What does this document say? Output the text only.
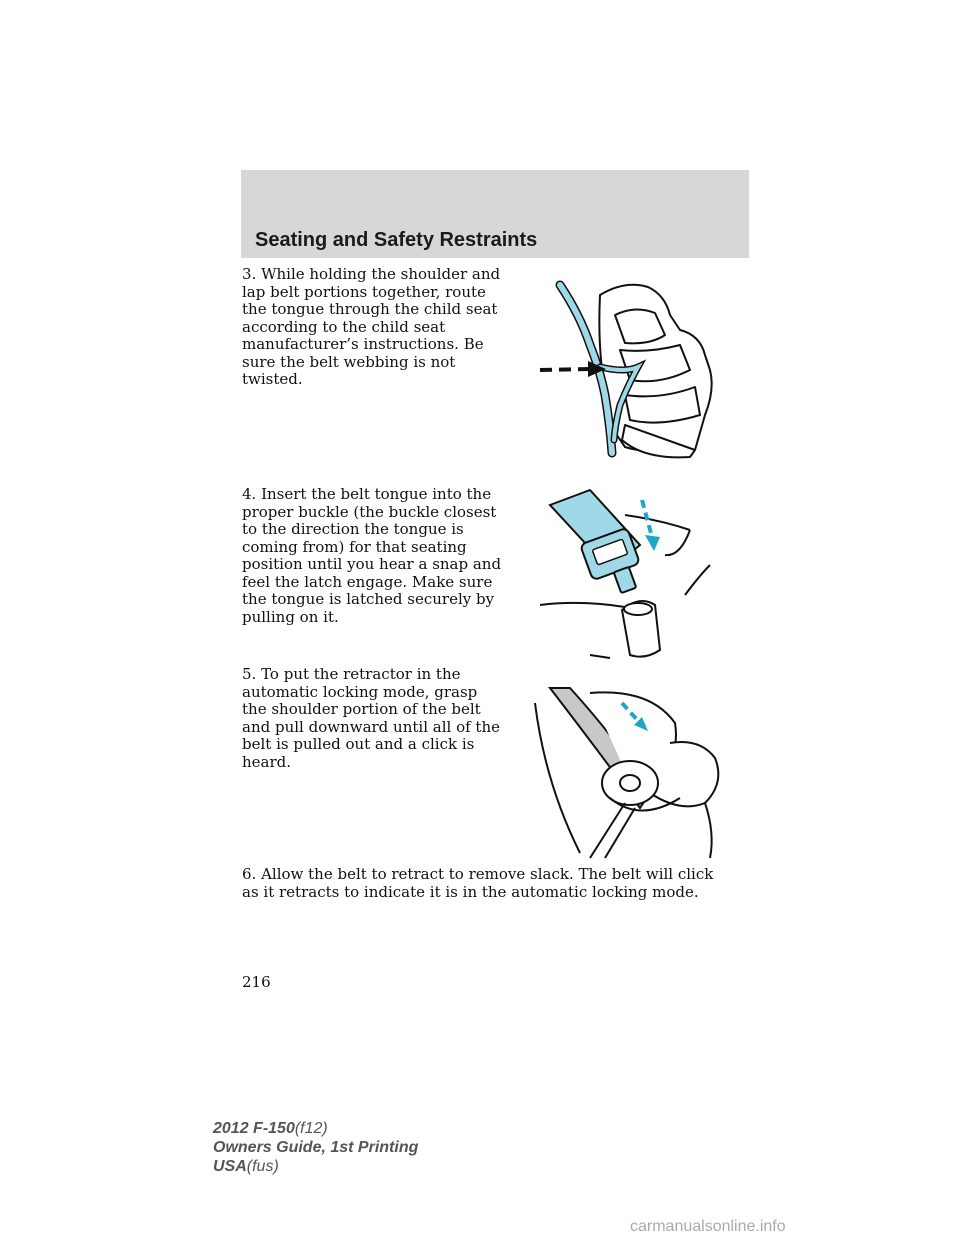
Seating and Safety Restraints
3. While holding the shoulder and lap belt portions together, route the tongue through the child seat according to the child seat manufacturer’s instructions. Be sure the belt webbing is not twisted.
4. Insert the belt tongue into the proper buckle (the buckle closest to the direction the tongue is coming from) for that seating position until you hear a snap and feel the latch engage. Make sure the tongue is latched securely by pulling on it.
5. To put the retractor in the automatic locking mode, grasp the shoulder portion of the belt and pull downward until all of the belt is pulled out and a click is heard.
6. Allow the belt to retract to remove slack. The belt will click as it retracts to indicate it is in the automatic locking mode.
216
2012 F-150(f12)
Owners Guide, 1st Printing
USA(fus)
carmanualsonline.info
